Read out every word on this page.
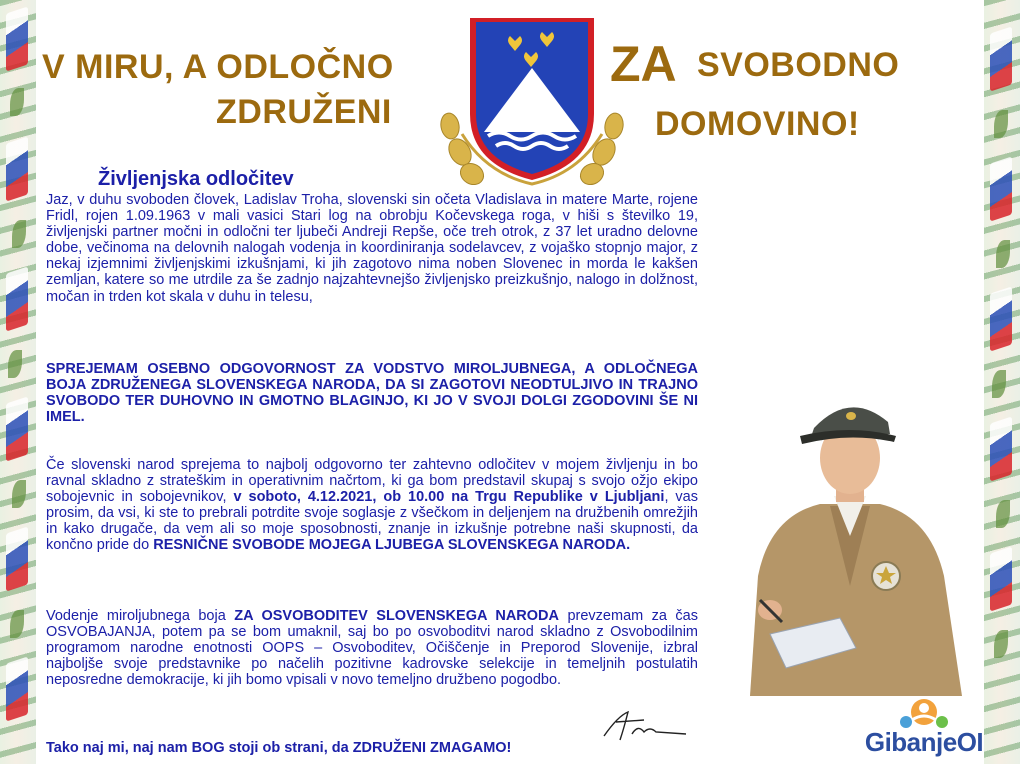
V MIRU, A ODLOČNO
ZDRUŽENI
ZA SVOBODNO
DOMOVINO!
Življenjska odločitev

Jaz, v duhu svoboden človek, Ladislav Troha, slovenski sin očeta Vladislava in matere Marte, rojene Fridl, rojen 1.09.1963 v mali vasici Stari log na obrobju Kočevskega roga, v hiši s številko 19, življenjski partner močni in odločni ter ljubeči Andreji Repše, oče treh otrok, z 37 let uradno delovne dobe, večinoma na delovnih nalogah vodenja in koordiniranja sodelavcev, z vojaško stopnjo major, z nekaj izjemnimi življenjskimi izkušnjami, ki jih zagotovo nima noben Slovenec in morda le kakšen zemljan, katere so me utrdile za še zadnjo najzahtevnejšo življenjsko preizkušnjo, nalogo in dolžnost, močan in trden kot skala v duhu in telesu,

SPREJEMAM OSEBNO ODGOVORNOST ZA VODSTVO MIROLJUBNEGA, A ODLOČNEGA BOJA ZDRUŽENEGA SLOVENSKEGA NARODA, DA SI ZAGOTOVI NEODTULJIVO IN TRAJNO SVOBODO TER DUHOVNO IN GMOTNO BLAGINJO, KI JO V SVOJI DOLGI ZGODOVINI ŠE NI IMEL.

Če slovenski narod sprejema to najbolj odgovorno ter zahtevno odločitev v mojem življenju in bo ravnal skladno z strateškim in operativnim načrtom, ki ga bom predstavil skupaj s svojo ožjo ekipo sobojevnic in sobojevnikov, v soboto, 4.12.2021, ob 10.00 na Trgu Republike v Ljubljani, vas prosim, da vsi, ki ste to prebrali potrdite svoje soglasje z všečkom in deljenjem na družbenih omrežjih in kako drugače, da vem ali so moje sposobnosti, znanje in izkušnje potrebne naši skupnosti, da končno pride do RESNIČNE SVOBODE MOJEGA LJUBEGA SLOVENSKEGA NARODA.

Vodenje miroljubnega boja ZA OSVOBODITEV SLOVENSKEGA NARODA prevzemam za čas OSVOBAJANJA, potem pa se bom umaknil, saj bo po osvoboditvi narod skladno z Osvobodilnim programom narodne enotnosti OOPS – Osvoboditev, Očiščenje in Preporod Slovenije, izbral najboljše svoje predstavnike po načelih pozitivne kadrovske selekcije in temeljnih postulatih neposredne demokracije, ki jih bomo vpisali v novo temeljno družbeno pogodbo.

Tako naj mi, naj nam BOG stoji ob strani, da ZDRUŽENI ZMAGAMO!	GibanjeOI
